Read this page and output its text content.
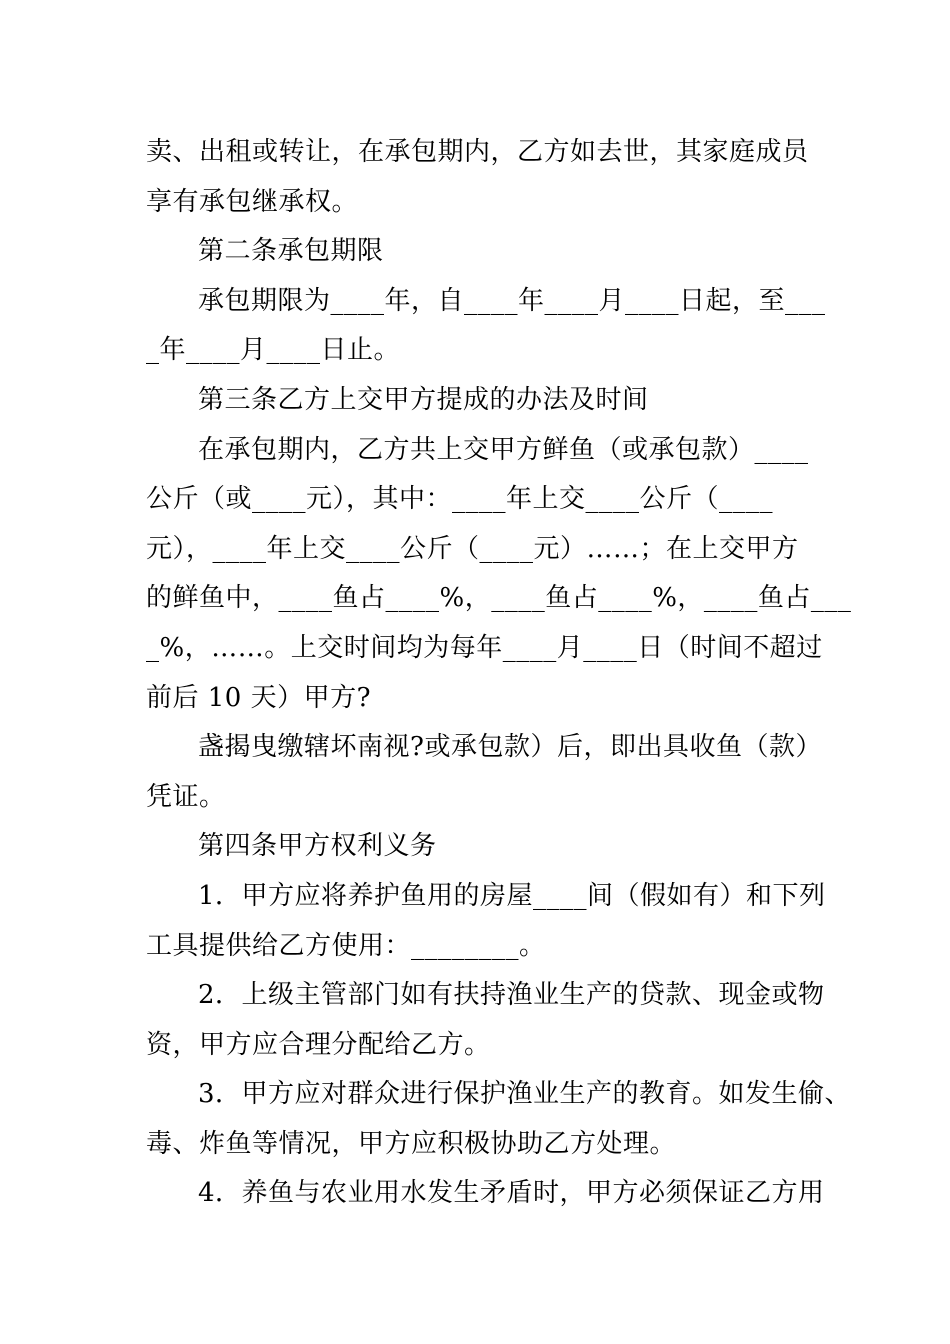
卖、出租或转让，在承包期内，乙方如去世，其家庭成员
享有承包继承权。
第二条承包期限
承包期限为____年，自____年____月____日起，至___
_年____月____日止。
第三条乙方上交甲方提成的办法及时间
在承包期内，乙方共上交甲方鲜鱼（或承包款）____
公斤（或____元），其中：____年上交____公斤（____
元），____年上交____公斤（____元）……；在上交甲方
的鲜鱼中，____鱼占____%，____鱼占____%，____鱼占___
_%，……。上交时间均为每年____月____日（时间不超过
前后 10 天）甲方?
盏揭曳缴辖坏南视?或承包款）后，即出具收鱼（款）
凭证。
第四条甲方权利义务
1．甲方应将养护鱼用的房屋____间（假如有）和下列
工具提供给乙方使用：________。
2．上级主管部门如有扶持渔业生产的贷款、现金或物
资，甲方应合理分配给乙方。
3．甲方应对群众进行保护渔业生产的教育。如发生偷、
毒、炸鱼等情况，甲方应积极协助乙方处理。
4．养鱼与农业用水发生矛盾时，甲方必须保证乙方用
